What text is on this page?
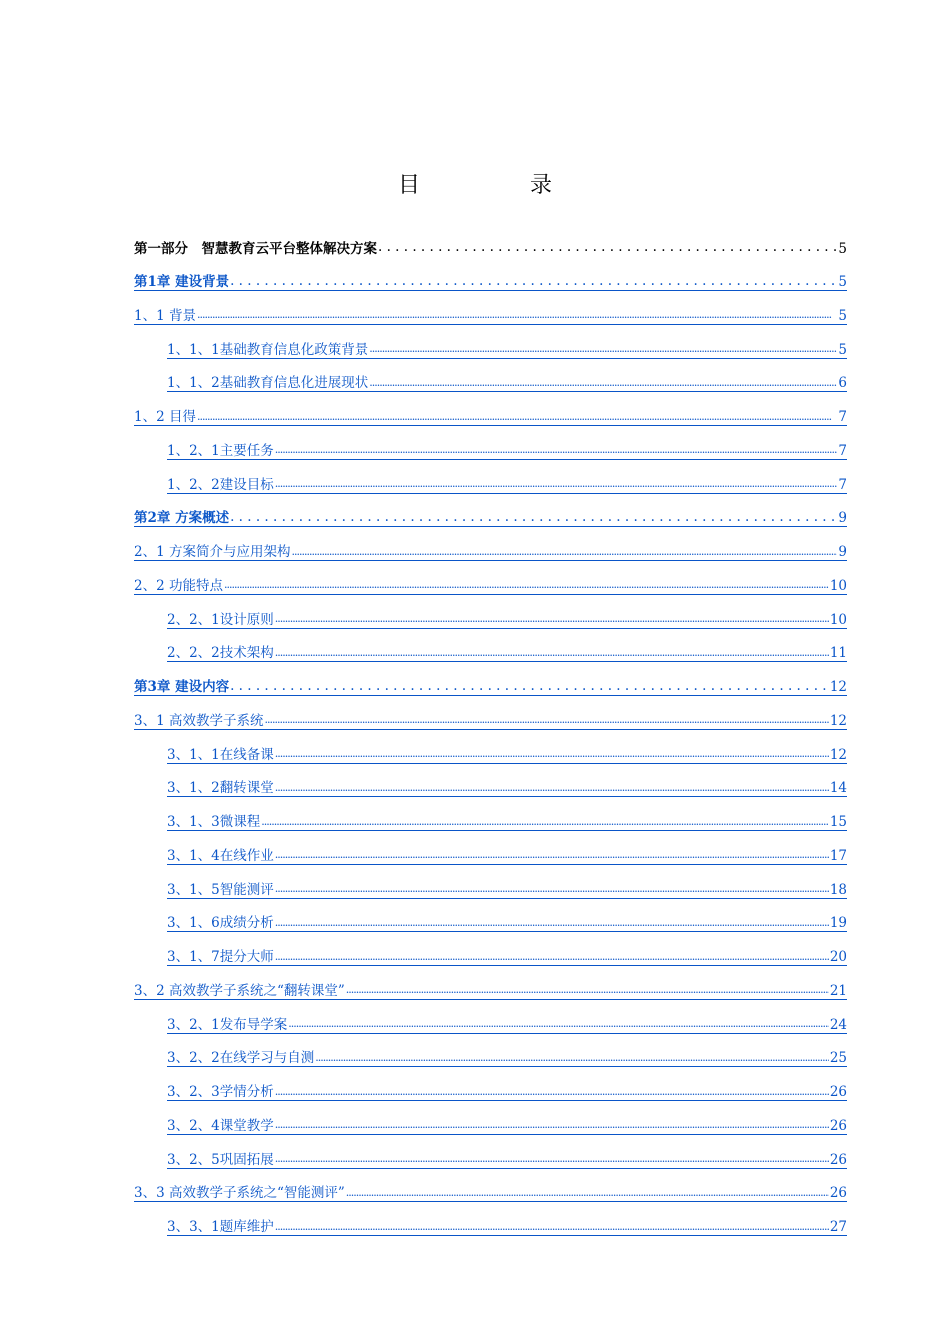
目　录
第一部分　智慧教育云平台整体解决方案 . . .	5
第1章 建设背景 . . .	5
1、1 背景 .....	5
1、1、1基础教育信息化政策背景 .....	5
1、1、2基础教育信息化进展现状 .....	6
1、2 目得 .....	7
1、2、1主要任务 .....	7
1、2、2建设目标 .....	7
第2章 方案概述 . . .	9
2、1 方案简介与应用架构 .....	9
2、2 功能特点 .....	10
2、2、1设计原则 .....	10
2、2、2技术架构 .....	11
第3章 建设内容 . . .	12
3、1 高效教学子系统 .....	12
3、1、1在线备课 .....	12
3、1、2翻转课堂 .....	14
3、1、3微课程 .....	15
3、1、4在线作业 .....	17
3、1、5智能测评 .....	18
3、1、6成绩分析 .....	19
3、1、7提分大师 .....	20
3、2 高效教学子系统之“翻转课堂” .....	21
3、2、1发布导学案 .....	24
3、2、2在线学习与自测 .....	25
3、2、3学情分析 .....	26
3、2、4课堂教学 .....	26
3、2、5巩固拓展 .....	26
3、3 高效教学子系统之“智能测评” .....	26
3、3、1题库维护 .....	27
